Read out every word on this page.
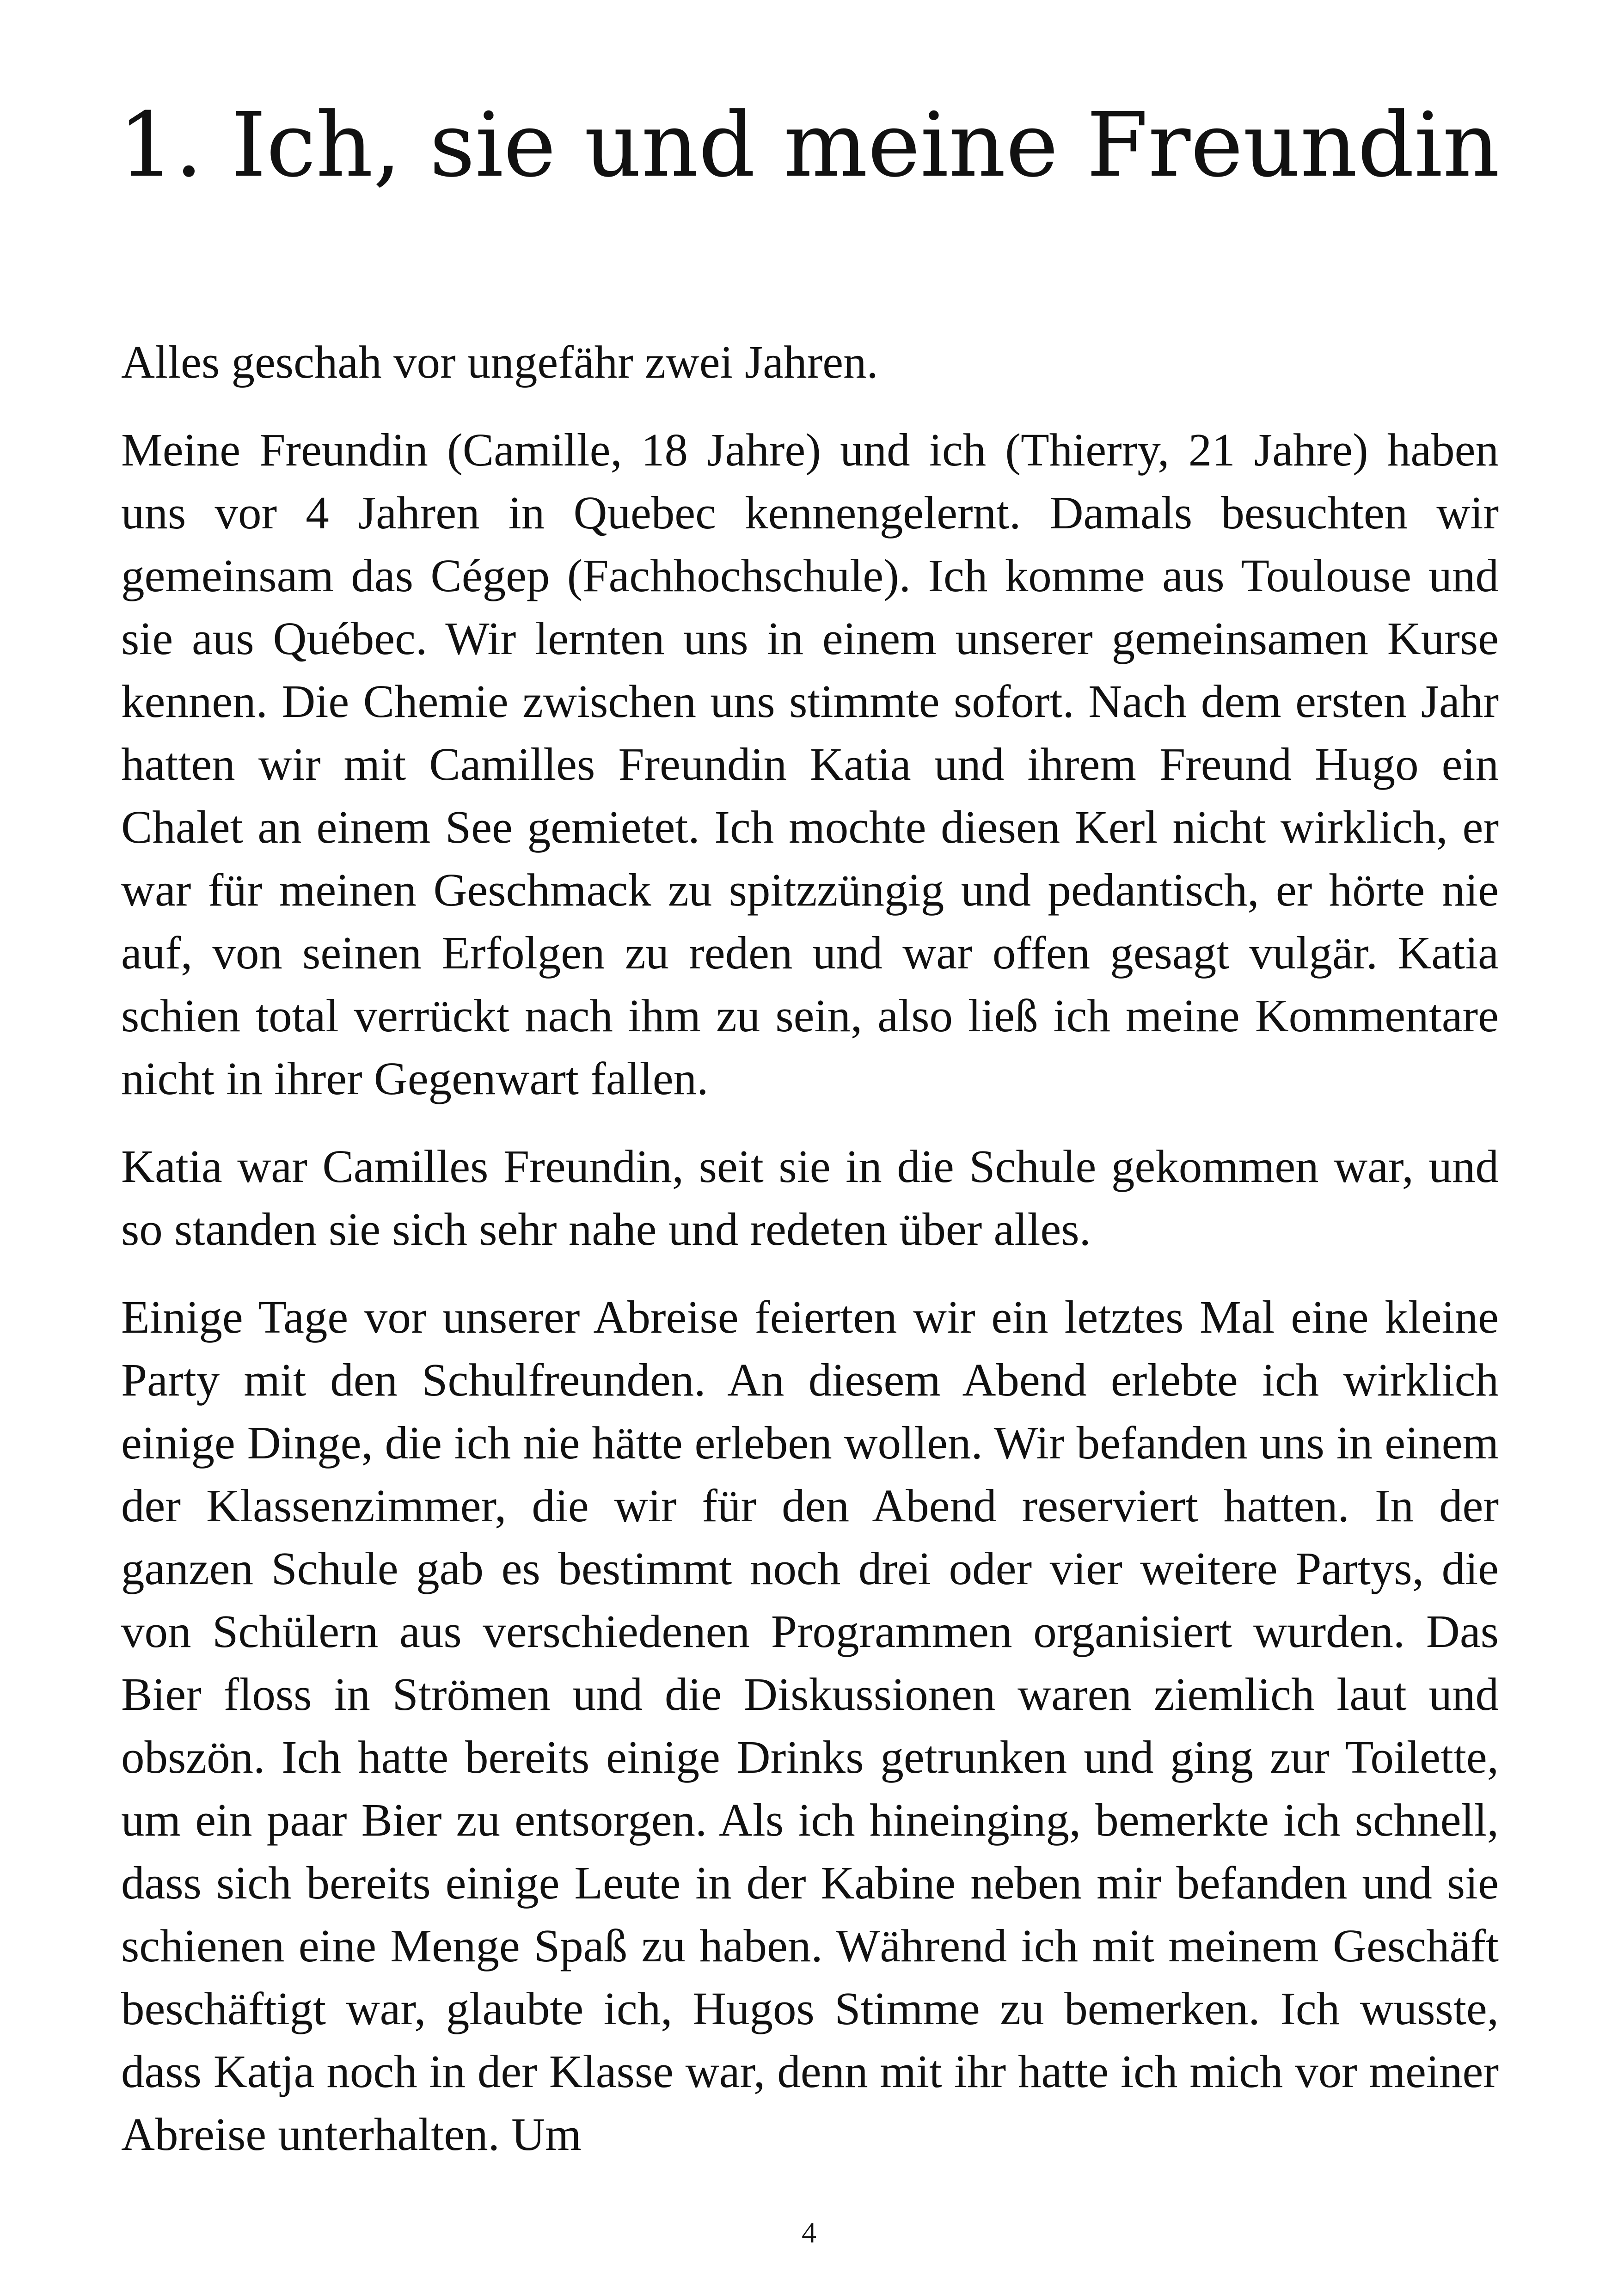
1. Ich, sie und meine Freundin

Alles geschah vor ungefähr zwei Jahren.

Meine Freundin (Camille, 18 Jahre) und ich (Thierry, 21 Jahre) haben uns vor 4 Jahren in Quebec kennengelernt. Damals besuchten wir gemeinsam das Cégep (Fachhochschule). Ich komme aus Toulouse und sie aus Québec. Wir lernten uns in einem unserer gemeinsamen Kurse kennen. Die Chemie zwischen uns stimmte sofort. Nach dem ersten Jahr hatten wir mit Camilles Freundin Katia und ihrem Freund Hugo ein Chalet an einem See gemietet. Ich mochte diesen Kerl nicht wirklich, er war für meinen Geschmack zu spitzzüngig und pedantisch, er hörte nie auf, von seinen Erfolgen zu reden und war offen gesagt vulgär. Katia schien total verrückt nach ihm zu sein, also ließ ich meine Kommentare nicht in ihrer Gegenwart fallen.

Katia war Camilles Freundin, seit sie in die Schule gekommen war, und so standen sie sich sehr nahe und redeten über alles.

Einige Tage vor unserer Abreise feierten wir ein letztes Mal eine kleine Party mit den Schulfreunden. An diesem Abend erlebte ich wirklich einige Dinge, die ich nie hätte erleben wollen. Wir befanden uns in einem der Klassenzimmer, die wir für den Abend reserviert hatten. In der ganzen Schule gab es bestimmt noch drei oder vier weitere Partys, die von Schülern aus verschiedenen Programmen organisiert wurden. Das Bier floss in Strömen und die Diskussionen waren ziemlich laut und obszön. Ich hatte bereits einige Drinks getrunken und ging zur Toilette, um ein paar Bier zu entsorgen. Als ich hineinging, bemerkte ich schnell, dass sich bereits einige Leute in der Kabine neben mir befanden und sie schienen eine Menge Spaß zu haben. Während ich mit meinem Geschäft beschäftigt war, glaubte ich, Hugos Stimme zu bemerken. Ich wusste, dass Katja noch in der Klasse war, denn mit ihr hatte ich mich vor meiner Abreise unterhalten. Um

4
